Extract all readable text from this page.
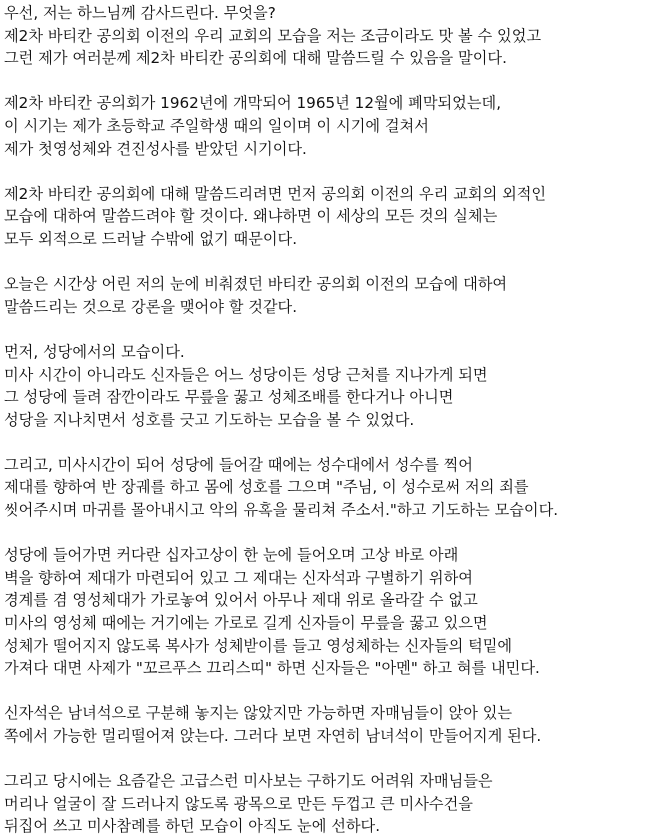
우선, 저는 하느님께 감사드린다. 무엇을?
제2차 바티칸 공의회 이전의 우리 교회의 모습을 저는 조금이라도 맛 볼 수 있었고
그런 제가 여러분께 제2차 바티칸 공의회에 대해 말씀드릴 수 있음을 말이다.
제2차 바티칸 공의회가 1962년에 개막되어 1965년 12월에 폐막되었는데,
이 시기는 제가 초등학교 주일학생 때의 일이며 이 시기에 걸쳐서
제가 첫영성체와 견진성사를 받았던 시기이다.
제2차 바티칸 공의회에 대해 말씀드리려면 먼저 공의회 이전의 우리 교회의 외적인
모습에 대하여 말씀드려야 할 것이다. 왜냐하면 이 세상의 모든 것의 실체는
모두 외적으로 드러날 수밖에 없기 때문이다.
오늘은 시간상 어린 저의 눈에 비춰졌던 바티칸 공의회 이전의 모습에 대하여
말씀드리는 것으로 강론을 맺어야 할 것같다.
먼저, 성당에서의 모습이다.
미사 시간이 아니라도 신자들은 어느 성당이든 성당 근처를 지나가게 되면
그 성당에 들려 잠깐이라도 무릎을 꿇고 성체조배를 한다거나 아니면
성당을 지나치면서 성호를 긋고 기도하는 모습을 볼 수 있었다.
그리고, 미사시간이 되어 성당에 들어갈 때에는 성수대에서 성수를 찍어
제대를 향하여 반 장궤를 하고 몸에 성호를 그으며 "주님, 이 성수로써 저의 죄를
씻어주시며 마귀를 몰아내시고 악의 유혹을 물리쳐 주소서."하고 기도하는 모습이다.
성당에 들어가면 커다란 십자고상이 한 눈에 들어오며 고상 바로 아래
벽을 향하여 제대가 마련되어 있고 그 제대는 신자석과 구별하기 위하여
경계를 겸 영성체대가 가로놓여 있어서 아무나 제대 위로 올라갈 수 없고
미사의 영성체 때에는 거기에는 가로로 길게 신자들이 무릎을 꿇고 있으면
성체가 떨어지지 않도록 복사가 성체받이를 들고 영성체하는 신자들의 턱밑에
가져다 대면 사제가 "꼬르푸스 끄리스띠" 하면 신자들은 "아멘" 하고 혀를 내민다.
신자석은 남녀석으로 구분해 놓지는 않았지만 가능하면 자매님들이 앉아 있는
쪽에서 가능한 멀리떨어져 앉는다. 그러다 보면 자연히 남녀석이 만들어지게 된다.
그리고 당시에는 요즘같은 고급스런 미사보는 구하기도 어려워 자매님들은
머리나 얼굴이 잘 드러나지 않도록 광목으로 만든 두껍고 큰 미사수건을
뒤집어 쓰고 미사참례를 하던 모습이 아직도 눈에 선하다.
